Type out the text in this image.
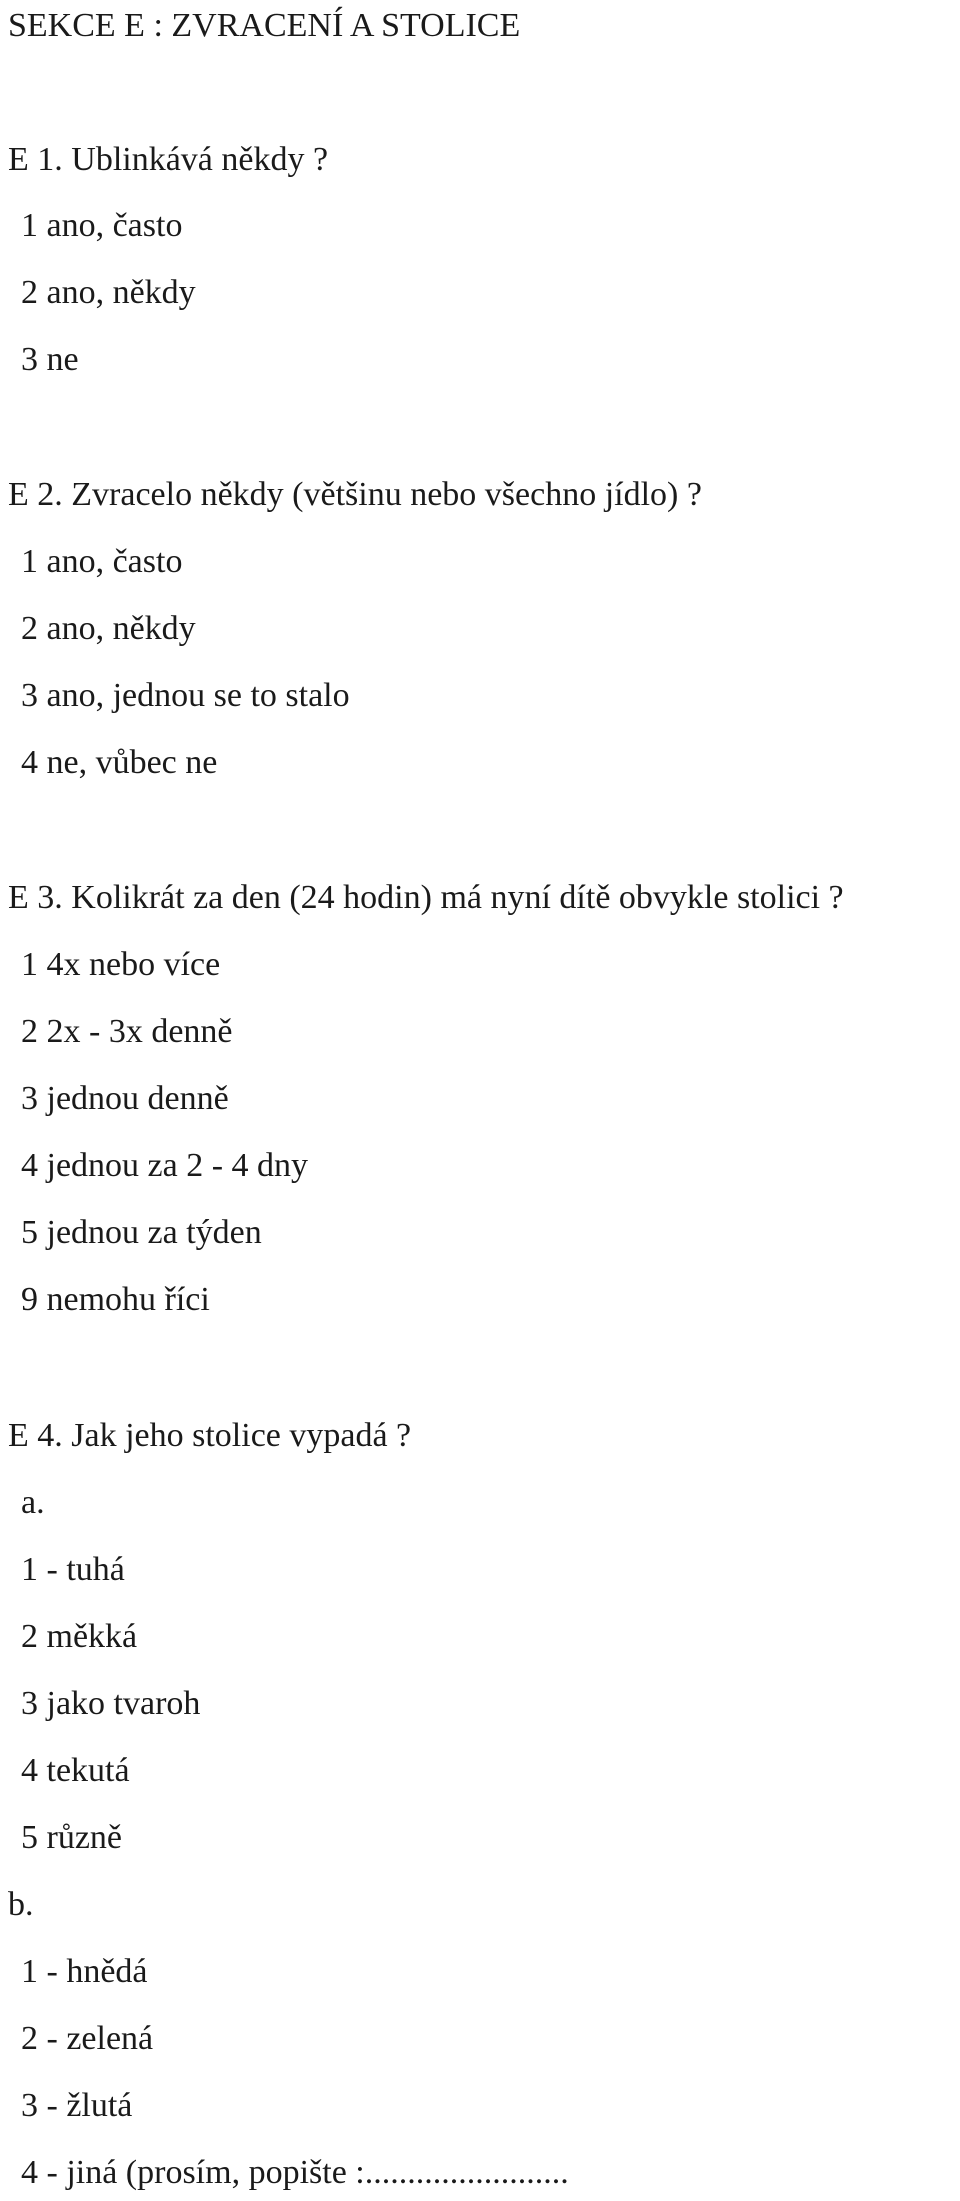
SEKCE E : ZVRACENÍ A STOLICE
E 1. Ublinkává někdy ?
1 ano, často
2 ano, někdy
3 ne
E 2. Zvracelo někdy (většinu nebo všechno jídlo) ?
1 ano, často
2 ano, někdy
3 ano, jednou se to stalo
4 ne, vůbec ne
E 3. Kolikrát za den (24 hodin) má nyní dítě obvykle stolici ?
1 4x nebo více
2 2x - 3x denně
3 jednou denně
4 jednou za 2 - 4 dny
5 jednou za týden
9 nemohu říci
E 4. Jak jeho stolice vypadá ?
a.
1 - tuhá
2 měkká
3 jako tvaroh
4 tekutá
5 různě
b.
1 - hnědá
2 - zelená
3 - žlutá
4 - jiná (prosím, popište :........................
